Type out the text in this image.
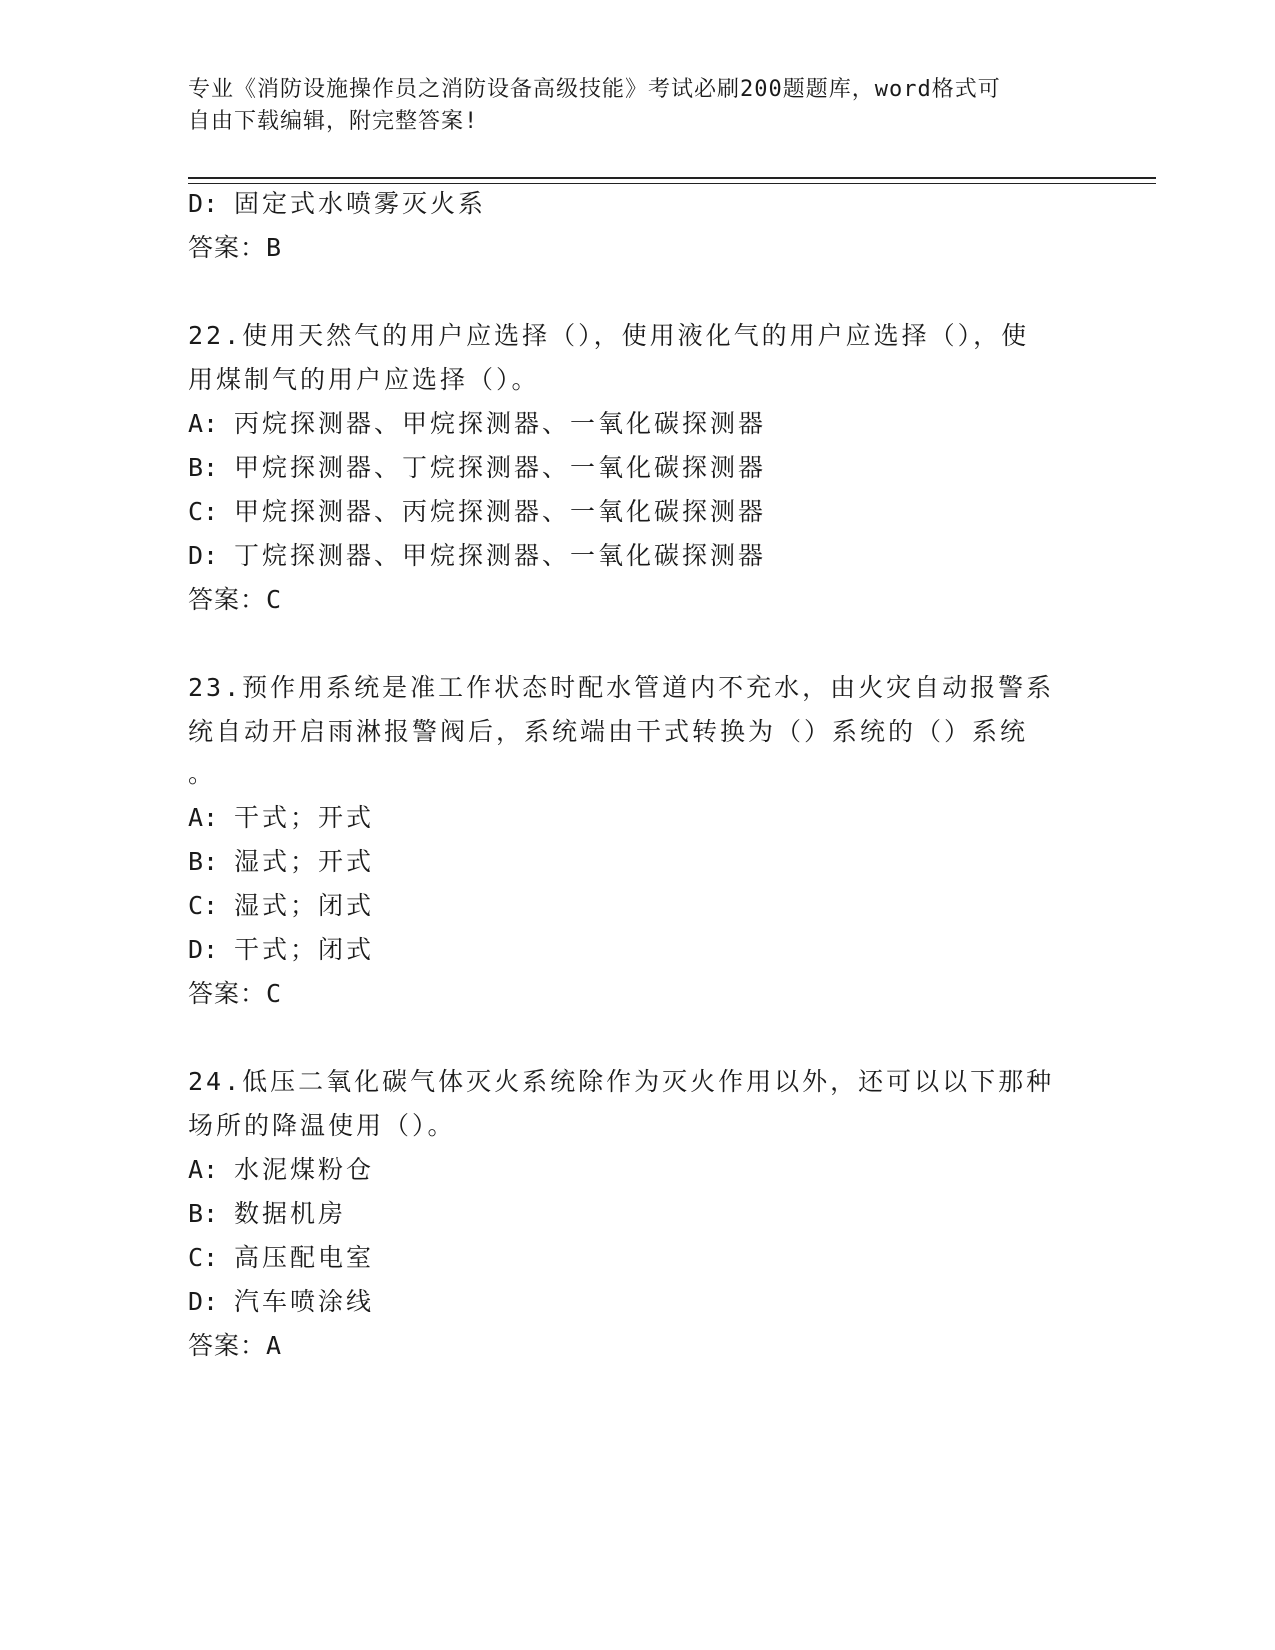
专业《消防设施操作员之消防设备高级技能》考试必刷200题题库，word格式可
自由下载编辑，附完整答案!
D: 固定式水喷雾灭火系
答案：B
22.使用天然气的用户应选择（），使用液化气的用户应选择（），使
用煤制气的用户应选择（）。
A: 丙烷探测器、甲烷探测器、一氧化碳探测器
B: 甲烷探测器、丁烷探测器、一氧化碳探测器
C: 甲烷探测器、丙烷探测器、一氧化碳探测器
D: 丁烷探测器、甲烷探测器、一氧化碳探测器
答案：C
23.预作用系统是准工作状态时配水管道内不充水，由火灾自动报警系
统自动开启雨淋报警阀后，系统端由干式转换为（）系统的（）系统
。
A: 干式；开式
B: 湿式；开式
C: 湿式；闭式
D: 干式；闭式
答案：C
24.低压二氧化碳气体灭火系统除作为灭火作用以外，还可以以下那种
场所的降温使用（）。
A: 水泥煤粉仓
B: 数据机房
C: 高压配电室
D: 汽车喷涂线
答案：A
